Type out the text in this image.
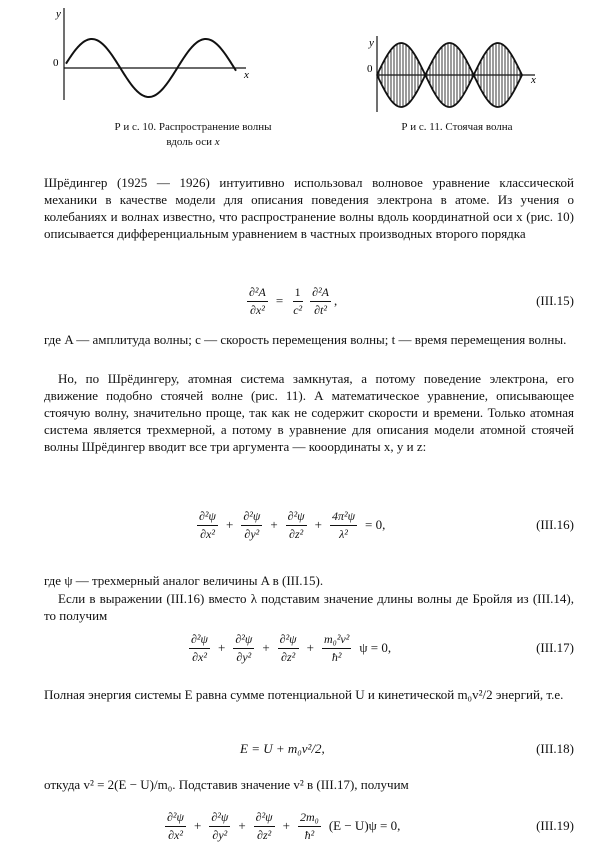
y
0
x
y
0
x
Р и с. 10. Распространение волны
вдоль оси x
Р и с. 11. Стоячая волна
Шрёдингер (1925 — 1926) интуитивно использовал волновое уравнение классической механики в качестве модели для описания поведения электрона в атоме. Из учения о колебаниях и волнах известно, что распространение волны вдоль координатной оси x (рис. 10) описывается дифференциальным уравнением в частных производных второго порядка
$\frac{\text{∂²A}}{\text{∂x²}} = \frac{1}{\text{c²}} \frac{\text{∂²A}}{\text{∂t²}}$ ,	(III.15)
где A — амплитуда волны; c — скорость перемещения волны; t — время перемещения волны.
Но, по Шрёдингеру, атомная система замкнутая, а потому поведение электрона, его движение подобно стоячей волне (рис. 11). А математическое уравнение, описывающее стоячую волну, значительно проще, так как не содержит скорости и времени. Только атомная система является трехмерной, а потому в уравнение для описания модели атомной стоячей волны Шрёдингер вводит все три аргумента — кооординаты x, y и z:
$\frac{\text{∂²ψ}}{\text{∂x²}} + \frac{\text{∂²ψ}}{\text{∂y²}} + \frac{\text{∂²ψ}}{\text{∂z²}} + \frac{\text{4π²ψ}}{\text{λ²}} = 0$,	(III.16)
где ψ — трехмерный аналог величины A в (III.15).
Если в выражении (III.16) вместо λ подставим значение длины волны де Бройля из (III.14), то получим
$\frac{\text{∂²ψ}}{\text{∂x²}} + \frac{\text{∂²ψ}}{\text{∂y²}} + \frac{\text{∂²ψ}}{\text{∂z²}} + \frac{\text{m₀²v²}}{\text{ħ²}}$ ψ = 0,	(III.17)
Полная энергия системы E равна сумме потенциальной U и кинетической m₀v²/2 энергий, т.е.
E = U + m₀v²/2,	(III.18)
откуда v² = 2(E − U)/m₀. Подставив значение v² в (III.17), получим
$\frac{\text{∂²ψ}}{\text{∂x²}} + \frac{\text{∂²ψ}}{\text{∂y²}} + \frac{\text{∂²ψ}}{\text{∂z²}} + \frac{\text{2m₀}}{\text{ħ²}} (E - U)\psi = 0$,	(III.19)
